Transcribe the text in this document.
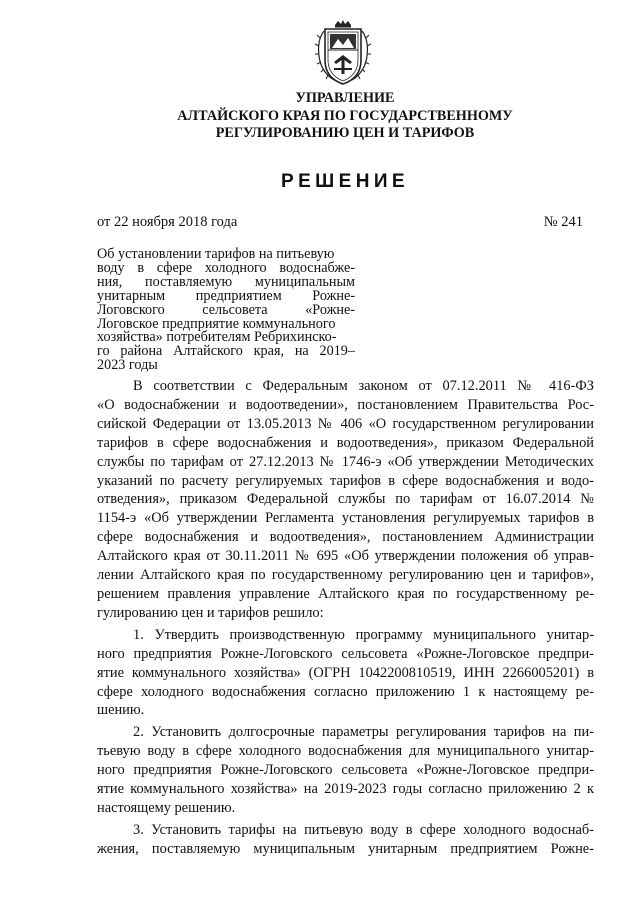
УПРАВЛЕНИЕ
АЛТАЙСКОГО КРАЯ ПО ГОСУДАРСТВЕННОМУ
РЕГУЛИРОВАНИЮ ЦЕН И ТАРИФОВ
РЕШЕНИЕ
от 22 ноября 2018 года	№ 241
Об установлении тарифов на питьевую
воду в сфере холодного водоснабже-
ния, поставляемую муниципальным
унитарным предприятием Рожне-
Логовского сельсовета «Рожне-
Логовское предприятие коммунального
хозяйства» потребителям Ребрихинско-
го района Алтайского края, на 2019–
2023 годы
В соответствии с Федеральным законом от 07.12.2011 № 416-ФЗ
«О водоснабжении и водоотведении», постановлением Правительства Рос-
сийской Федерации от 13.05.2013 № 406 «О государственном регулировании
тарифов в сфере водоснабжения и водоотведения», приказом Федеральной
службы по тарифам от 27.12.2013 № 1746-э «Об утверждении Методических
указаний по расчету регулируемых тарифов в сфере водоснабжения и водо-
отведения», приказом Федеральной службы по тарифам от 16.07.2014 №
1154-э «Об утверждении Регламента установления регулируемых тарифов в
сфере водоснабжения и водоотведения», постановлением Администрации
Алтайского края от 30.11.2011 № 695 «Об утверждении положения об управ-
лении Алтайского края по государственному регулированию цен и тарифов»,
решением правления управление Алтайского края по государственному ре-
гулированию цен и тарифов решило:
1. Утвердить производственную программу муниципального унитар-
ного предприятия Рожне-Логовского сельсовета «Рожне-Логовское предпри-
ятие коммунального хозяйства» (ОГРН 1042200810519, ИНН 2266005201) в
сфере холодного водоснабжения согласно приложению 1 к настоящему ре-
шению.
2. Установить долгосрочные параметры регулирования тарифов на пи-
тьевую воду в сфере холодного водоснабжения для муниципального унитар-
ного предприятия Рожне-Логовского сельсовета «Рожне-Логовское предпри-
ятие коммунального хозяйства» на 2019-2023 годы согласно приложению 2 к
настоящему решению.
3. Установить тарифы на питьевую воду в сфере холодного водоснаб-
жения, поставляемую муниципальным унитарным предприятием Рожне-
